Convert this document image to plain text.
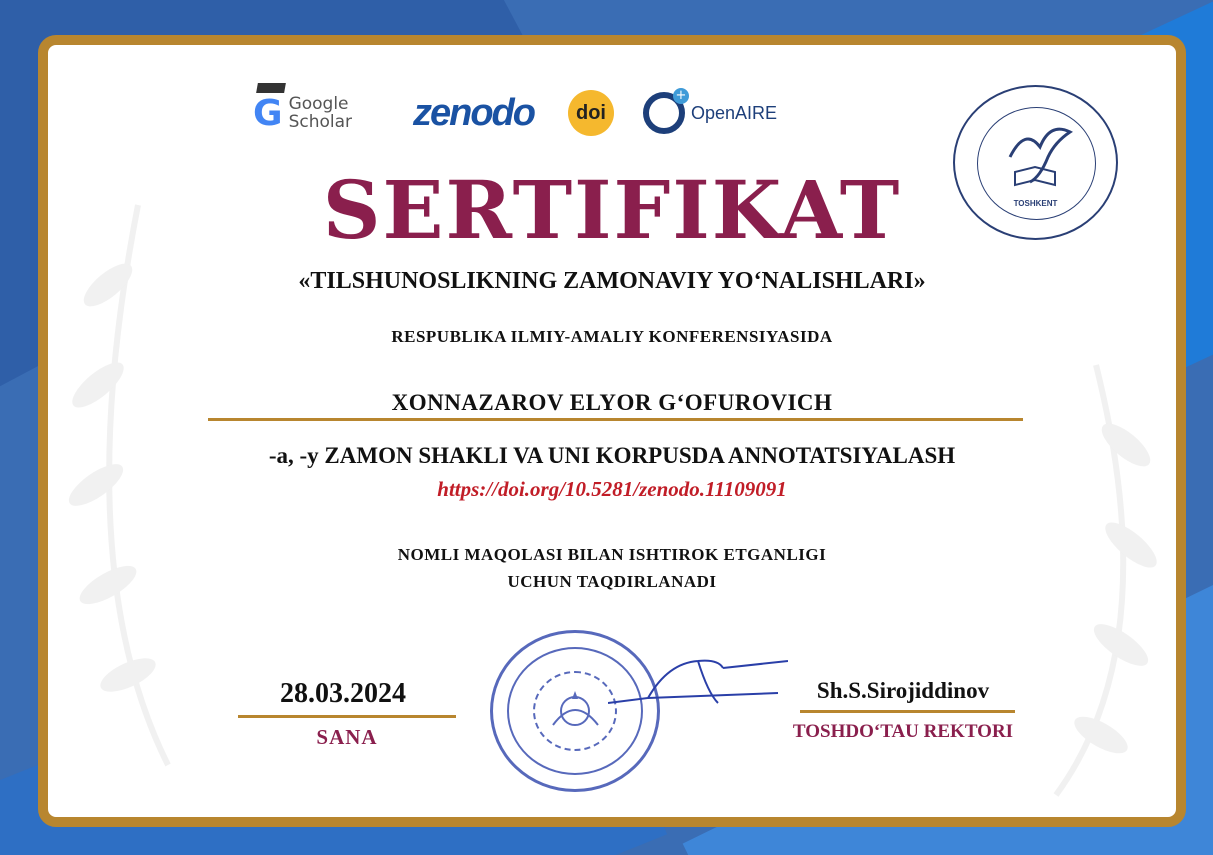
G Google
Scholar zenodo	doi
+
OpenAIRE
TOSHKENT
SERTIFIKAT
«TILSHUNOSLIKNING ZAMONAVIY YO‘NALISHLARI»
RESPUBLIKA ILMIY-AMALIY KONFERENSIYASIDA
XONNAZAROV ELYOR G‘OFUROVICH
-a, -y ZAMON SHAKLI VA UNI KORPUSDA ANNOTATSIYALASH
https://doi.org/10.5281/zenodo.11109091
NOMLI MAQOLASI BILAN ISHTIROK ETGANLIGI
UCHUN TAQDIRLANADI
28.03.2024
SANA
Sh.S.Sirojiddinov
TOSHDO‘TAU REKTORI
